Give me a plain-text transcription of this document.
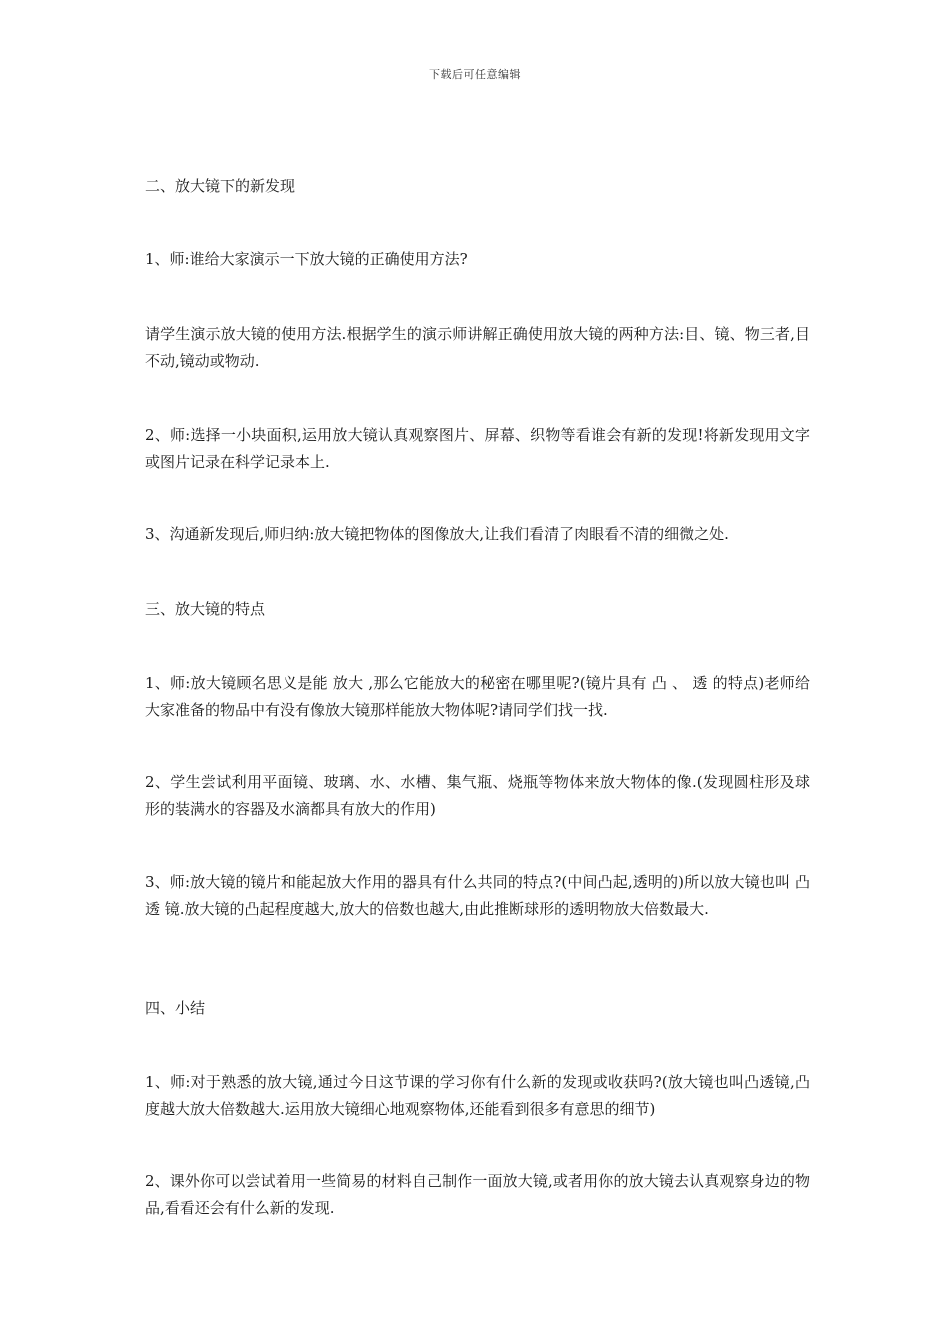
下载后可任意编辑

二、放大镜下的新发现

1、师:谁给大家演示一下放大镜的正确使用方法?

请学生演示放大镜的使用方法.根据学生的演示师讲解正确使用放大镜的两种方法:目、镜、物三者,目不动,镜动或物动.

2、师:选择一小块面积,运用放大镜认真观察图片、屏幕、织物等看谁会有新的发现!将新发现用文字或图片记录在科学记录本上.

3、沟通新发现后,师归纳:放大镜把物体的图像放大,让我们看清了肉眼看不清的细微之处.

三、放大镜的特点

1、师:放大镜顾名思义是能 放大 ,那么它能放大的秘密在哪里呢?(镜片具有 凸 、 透 的特点)老师给大家准备的物品中有没有像放大镜那样能放大物体呢?请同学们找一找.

2、学生尝试利用平面镜、玻璃、水、水槽、集气瓶、烧瓶等物体来放大物体的像.(发现圆柱形及球形的装满水的容器及水滴都具有放大的作用)

3、师:放大镜的镜片和能起放大作用的器具有什么共同的特点?(中间凸起,透明的)所以放大镜也叫 凸透 镜.放大镜的凸起程度越大,放大的倍数也越大,由此推断球形的透明物放大倍数最大.

四、小结

1、师:对于熟悉的放大镜,通过今日这节课的学习你有什么新的发现或收获吗?(放大镜也叫凸透镜,凸度越大放大倍数越大.运用放大镜细心地观察物体,还能看到很多有意思的细节)

2、课外你可以尝试着用一些简易的材料自己制作一面放大镜,或者用你的放大镜去认真观察身边的物品,看看还会有什么新的发现.
